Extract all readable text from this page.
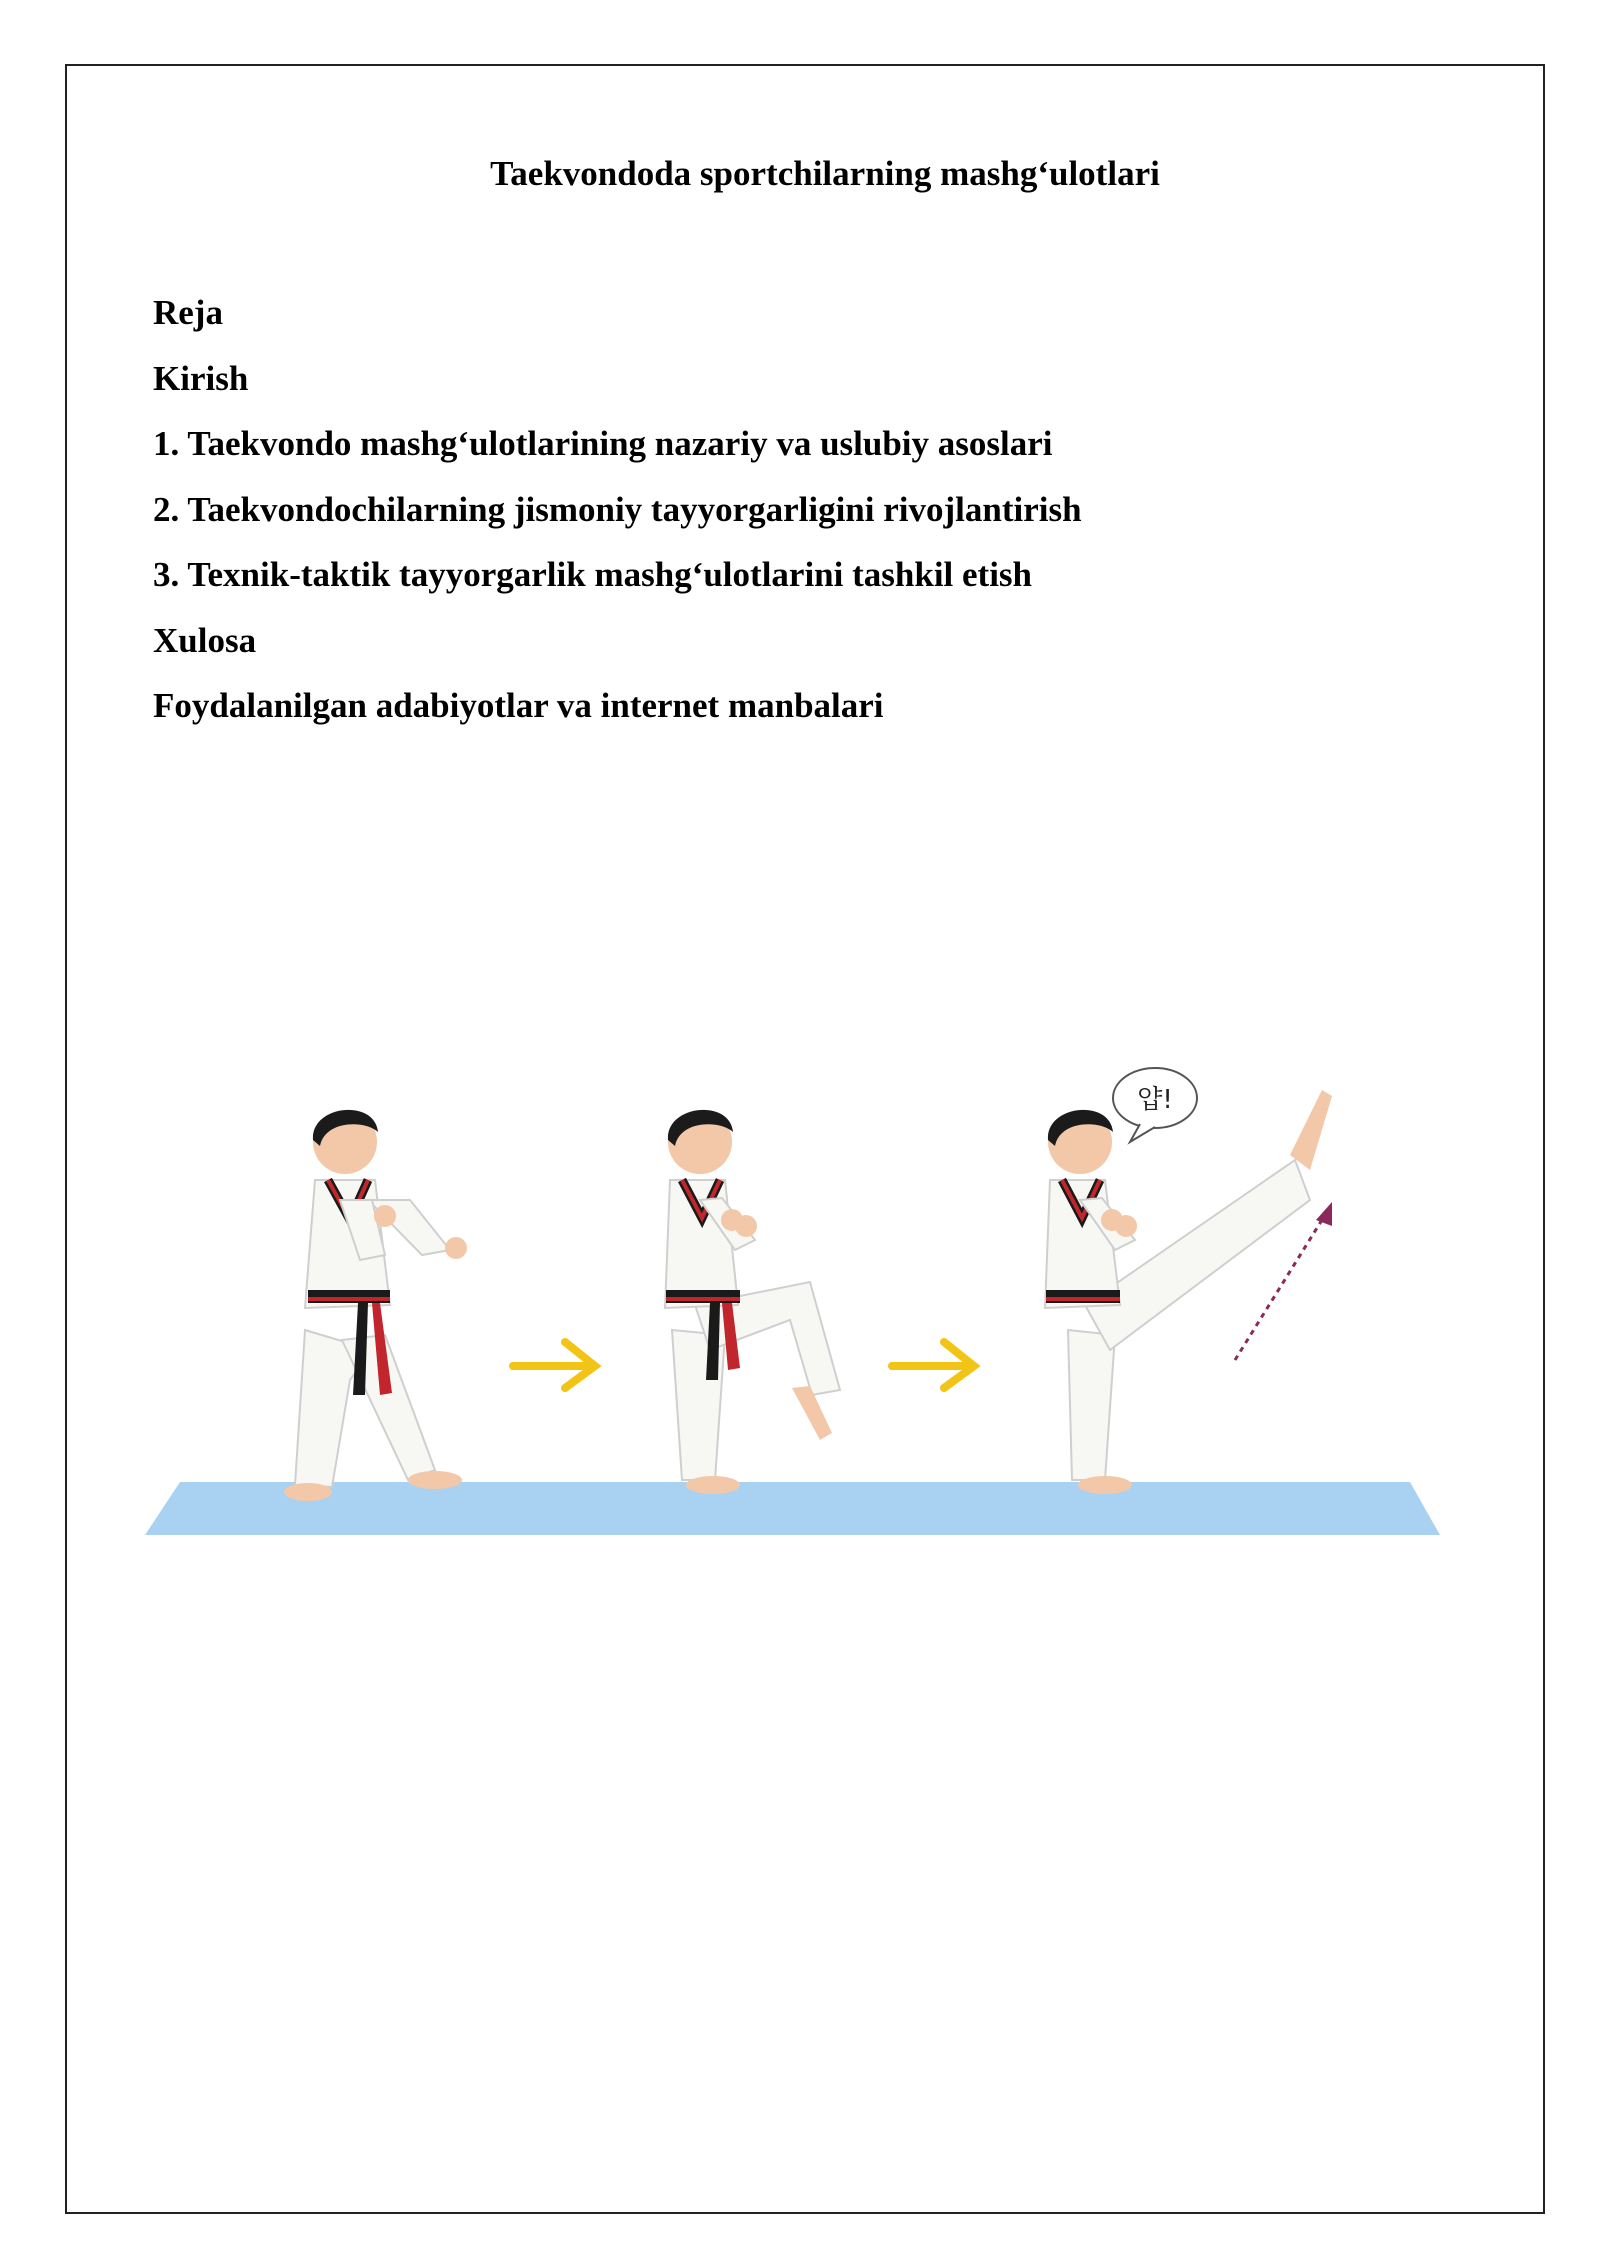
Taekvondoda sportchilarning mashg‘ulotlari
Reja
Kirish
1. Taekvondo mashg‘ulotlarining nazariy va uslubiy asoslari
2. Taekvondochilarning jismoniy tayyorgarligini rivojlantirish
3. Texnik-taktik tayyorgarlik mashg‘ulotlarini tashkil etish
Xulosa
Foydalanilgan adabiyotlar va internet manbalari
얍!
